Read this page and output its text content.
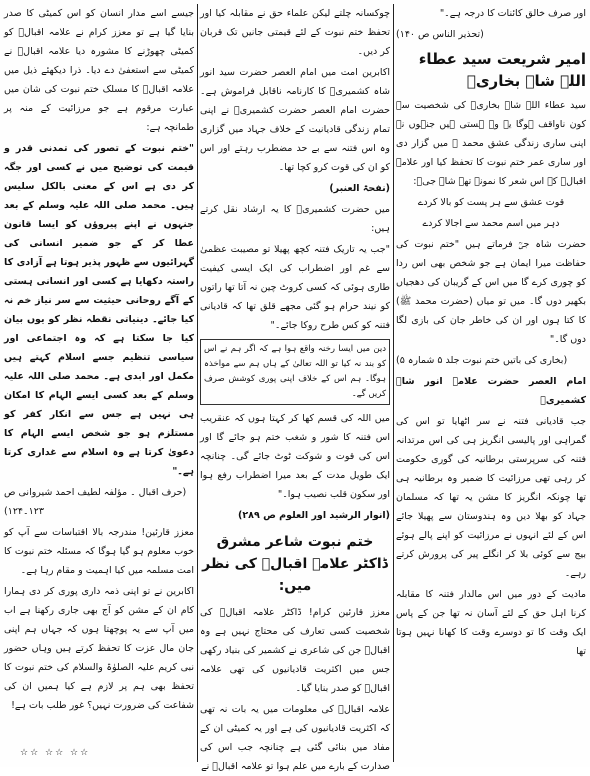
اور صرف خالق کائنات کا درجہ ہے۔"

(تحذیر الناس ص ۱۴۰)

امیر شریعت سید عطاء اللہ شاہ بخاریؒ

سید عطاء اللہ شاہ بخاریؒ کی شخصیت سے کون ناواقف ہوگا یہ وہ ہستی ہیں جنہوں نے اپنی ساری زندگی عشق محمد ﷺ میں گزار دی اور ساری عمر ختم نبوت کا تحفظ کیا اور علامہ اقبالؒ کے اس شعر کا نمونہ تھے شاہ جیؒ:

قوت عشق سے ہر پست کو بالا کردے

دہر میں اسم محمد سے اجالا کردے

حضرت شاہ جیؒ فرماتے ہیں "ختم نبوت کی حفاظت میرا ایمان ہے جو شخص بھی اس ردا کو چوری کرے گا میں اس کے گریبان کی دھجیاں بکھیر دوں گا۔ میں تو میاں (حضرت محمد ﷺ) کا کتا ہوں اور ان کی خاطر جان کی بازی لگا دوں گا۔"

(بخاری کی باتیں ختم نبوت جلد ۵ شمارہ ۵)

امام العصر حضرت علامہ انور شاہ کشمیریؒ

جب قادیانی فتنہ نے سر اٹھایا تو اس کی گمراہی اور پالیسی انگریز ہی کی اس مرتدانہ فتنہ کی سرپرستی برطانیہ کی گوری حکومت کر رہی تھی مرزائیت کا ضمیر وہ برطانیہ ہی تھا چونکہ انگریز کا مشن یہ تھا کہ مسلمان جہاد کو بھلا دیں وہ ہندوستان سے پھیلا جائے اس کے لئے انہوں نے مرزائیت کو اپنے پالے ہوئے بیج سے کوئی بلا کر انگلے پیر کی پرورش کرتے رہے۔

مادیت کے دور میں اس مالدار فتنہ کا مقابلہ کرنا اہل حق کے لئے آسان نہ تھا جن کے پاس ایک وقت کا تو دوسرے وقت کا کھانا نہیں ہوتا تھا

چوکسانہ چلتے لیکن علماء حق نے مقابلہ کیا اور تحفظ ختم نبوت کے لئے قیمتی جانیں تک قربان کر دیں۔

اکابرین امت میں امام العصر حضرت سید انور شاہ کشمیریؒ کا کارنامہ ناقابل فراموش ہے۔ حضرت امام العصر حضرت کشمیریؒ نے اپنی تمام زندگی قادیانیت کے خلاف جہاد میں گزاری وہ اس فتنہ سے بے حد مضطرب رہتے اور اس کو ان کی قوت کرو کچا تھا۔

(نفحۃ العنبر)

میں حضرت کشمیریؒ کا یہ ارشاد نقل کرتے ہیں:

"جب یہ تاریک فتنہ کچھ پھیلا تو مصیبت عظمیٰ سے غم اور اضطراب کی ایک ایسی کیفیت طاری ہوئی کہ کسی کروٹ چین نہ آتا تھا راتوں کو نیند حرام ہو گئی مجھے قلق تھا کہ قادیانی فتنہ کو کس طرح روکا جائے۔"

دین میں ایسا رخنہ واقع ہوا ہے کہ اگر ہم نے اس کو بند نہ کیا تو اللہ تعالیٰ کے ہاں ہم سے مواخذہ ہوگا۔ ہم اس کے خلاف اپنی پوری کوشش صرف کریں گے۔

میں اللہ کی قسم کھا کر کہتا ہوں کہ عنقریب اس فتنہ کا شور و شغب ختم ہو جائے گا اور اس کی قوت و شوکت ٹوٹ جائے گی۔ چنانچہ ایک طویل مدت کے بعد میرا اضطراب رفع ہوا اور سکون قلب نصیب ہوا۔"

(انوار الرشید اور العلوم ص ۲۸۹)

ختم نبوت شاعر مشرق ڈاکٹر علامہ اقبالؒ کی نظر میں:

معزز قارئین کرام! ڈاکٹر علامہ اقبالؒ کی شخصیت کسی تعارف کی محتاج نہیں ہے وہ اقبالؒ جن کی شاعری نے کشمیر کی بنیاد رکھی جس میں اکثریت قادیانیوں کی تھی علامہ اقبالؒ کو صدر بنایا گیا۔

علامہ اقبالؒ کی معلومات میں یہ بات نہ تھی کہ اکثریت قادیانیوں کی ہے اور یہ کمیٹی ان کے مفاد میں بنائی گئی ہے چنانچہ جب اس کی صدارت کے بارے میں علم ہوا تو علامہ اقبالؒ نے

جیسے اسے مدار انسان کو اس کمیٹی کا صدر بنایا گیا ہے تو معزز کرام نے علامہ اقبالؒ کو کمیٹی چھوڑنے کا مشورہ دیا علامہ اقبالؒ نے کمیٹی سے استعفیٰ دے دیا۔ ذرا دیکھئے ذیل میں علامہ اقبالؒ کا مسلک ختم نبوت کی شان میں عبارت مرقوم ہے جو مرزائیت کے منہ پر طمانچہ ہے:

"ختم نبوت کے تصور کی تمدنی قدر و قیمت کی توضیح میں نے کسی اور جگہ کر دی ہے اس کے معنی بالکل سلیس ہیں۔ محمد صلی اللہ علیہ وسلم کے بعد جنہوں نے اپنے پیروؤں کو ایسا قانون عطا کر کے جو ضمیر انسانی کی گہرائیوں سے ظہور پذیر ہوتا ہے آزادی کا راستہ دکھایا ہے کسی اور انسانی ہستی کے آگے روحانی حیثیت سے سر نیاز خم نہ کیا جائے۔ دینیاتی نقطہ نظر کو یوں بیان کیا جا سکتا ہے کہ وہ اجتماعی اور سیاسی تنظیم جسے اسلام کہتے ہیں مکمل اور ابدی ہے۔ محمد صلی اللہ علیہ وسلم کے بعد کسی ایسے الہام کا امکان ہی نہیں ہے جس سے انکار کفر کو مستلزم ہو جو شخص ایسے الہام کا دعویٰ کرتا ہے وہ اسلام سے غداری کرتا ہے۔"

(حرف اقبال ۔ مؤلفہ لطیف احمد شیروانی ص ۱۲۳۔۱۲۴)

معزز قارئین! مندرجہ بالا اقتباسات سے آپ کو خوب معلوم ہو گیا ہوگا کہ مسئلہ ختم نبوت کا امت مسلمہ میں کیا اہمیت و مقام رہا ہے۔

اکابرین نے تو اپنی ذمہ داری پوری کر دی ہمارا کام ان کے مشن کو آج بھی جاری رکھنا ہے اب میں آپ سے یہ پوچھتا ہوں کہ جہاں ہم اپنی جان مال عزت کا تحفظ کرتے ہیں وہاں حضور نبی کریم علیہ الصلوٰۃ والسلام کی ختم نبوت کا تحفظ بھی ہم پر لازم ہے کیا ہمیں ان کی شفاعت کی ضرورت نہیں؟ غور طلب بات ہے!

☆☆ ☆☆ ☆☆
